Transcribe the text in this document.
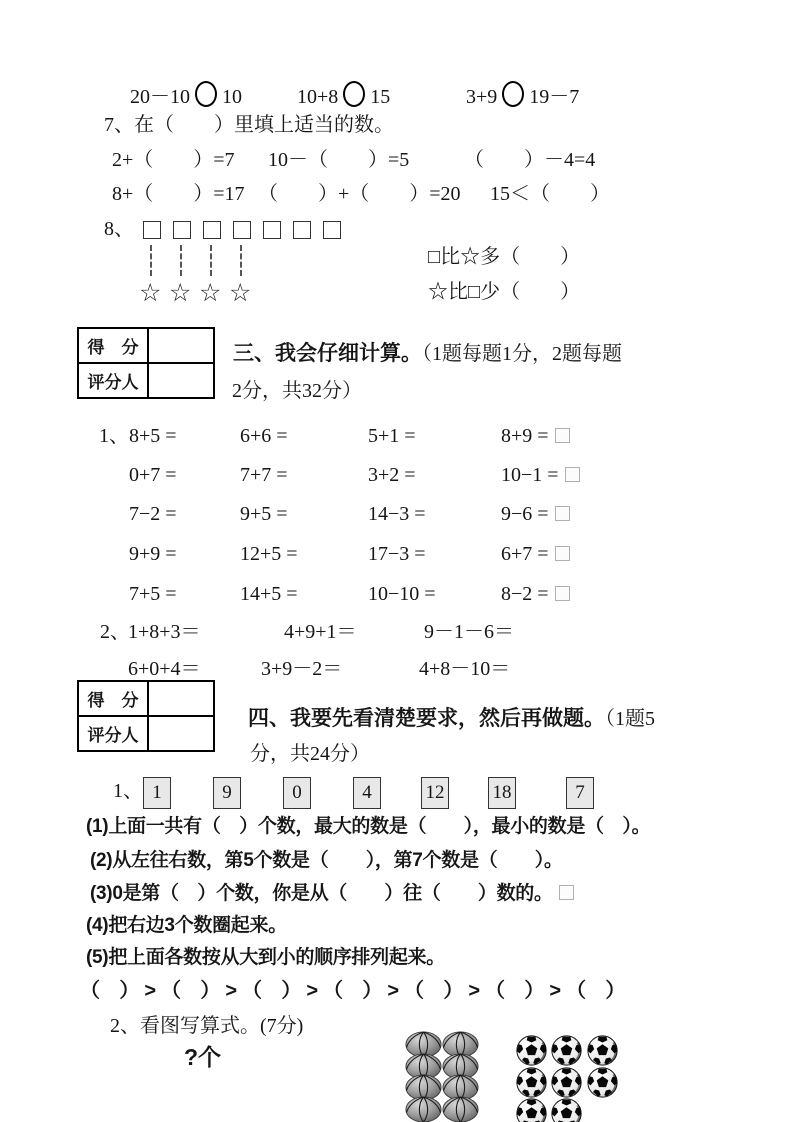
20－10 10	10+8 15	3+9 19－7
7、在（　　）里填上适当的数。
2+（　　）=7 10－（　　）=5	（　　）－4=4
8+（　　）=17 （　　）+（　　）=20 15＜（　　）
8、
☆ ☆ ☆ ☆
□比☆多（　　）
☆比□少（　　）
得　分	
评分人	
三、我会仔细计算。（1题每题1分，2题每题
2分，共32分）
1、 8+5 =	6+6 =	5+1 =	8+9 =
0+7 =	7+7 =	3+2 =	10−1 =
7−2 =	9+5 =	14−3 =	9−6 =
9+9 =	12+5 =	17−3 =	6+7 =
7+5 =	14+5 =	10−10 =	8−2 =
2、
1+8+3＝	4+9+1＝	9－1－6＝
6+0+4＝	3+9－2＝	4+8－10＝
得　分	
评分人	
四、我要先看清楚要求，然后再做题。（1题5
分，共24分）
1、 1	9	0	4	12	18	7
(1)上面一共有（　）个数，最大的数是（　　），最小的数是（　）。
(2)从左往右数，第5个数是（　　），第7个数是（　　）。
(3)0是第（　）个数，你是从（　　）往（　　）数的。
(4)把右边3个数圈起来。
(5)把上面各数按从大到小的顺序排列起来。
（　） > （　） > （　） > （　） > （　） > （　） > （　）
2、看图写算式。(7分)
?个
